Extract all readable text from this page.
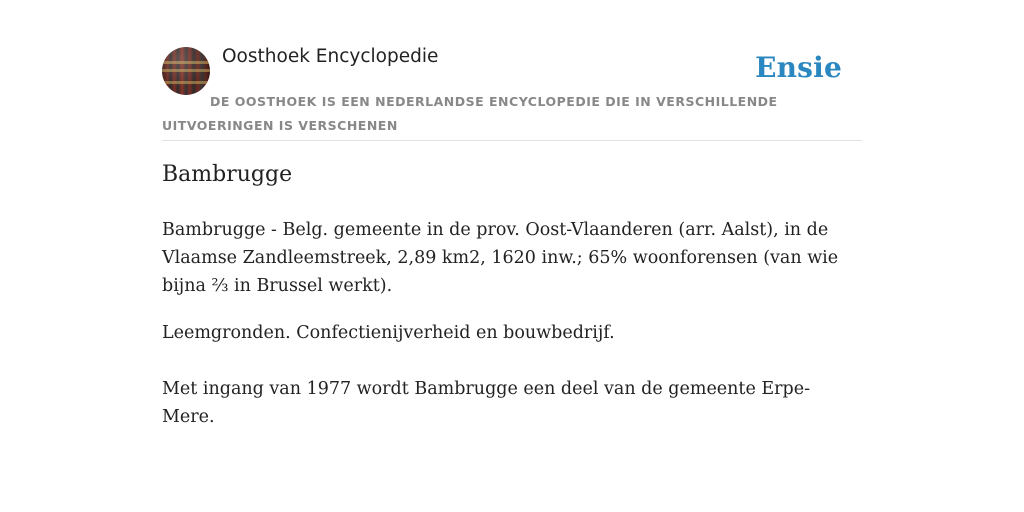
Oosthoek Encyclopedie	Ensie
DE OOSTHOEK IS EEN NEDERLANDSE ENCYCLOPEDIE DIE IN VERSCHILLENDE UITVOERINGEN IS VERSCHENEN
Bambrugge

Bambrugge - Belg. gemeente in de prov. Oost-Vlaanderen (arr. Aalst), in de Vlaamse Zandleemstreek, 2,89 km2, 1620 inw.; 65% woonforensen (van wie bijna ⅔ in Brussel werkt).

Leemgronden. Confectienijverheid en bouwbedrijf.

Met ingang van 1977 wordt Bambrugge een deel van de gemeente Erpe-Mere.
